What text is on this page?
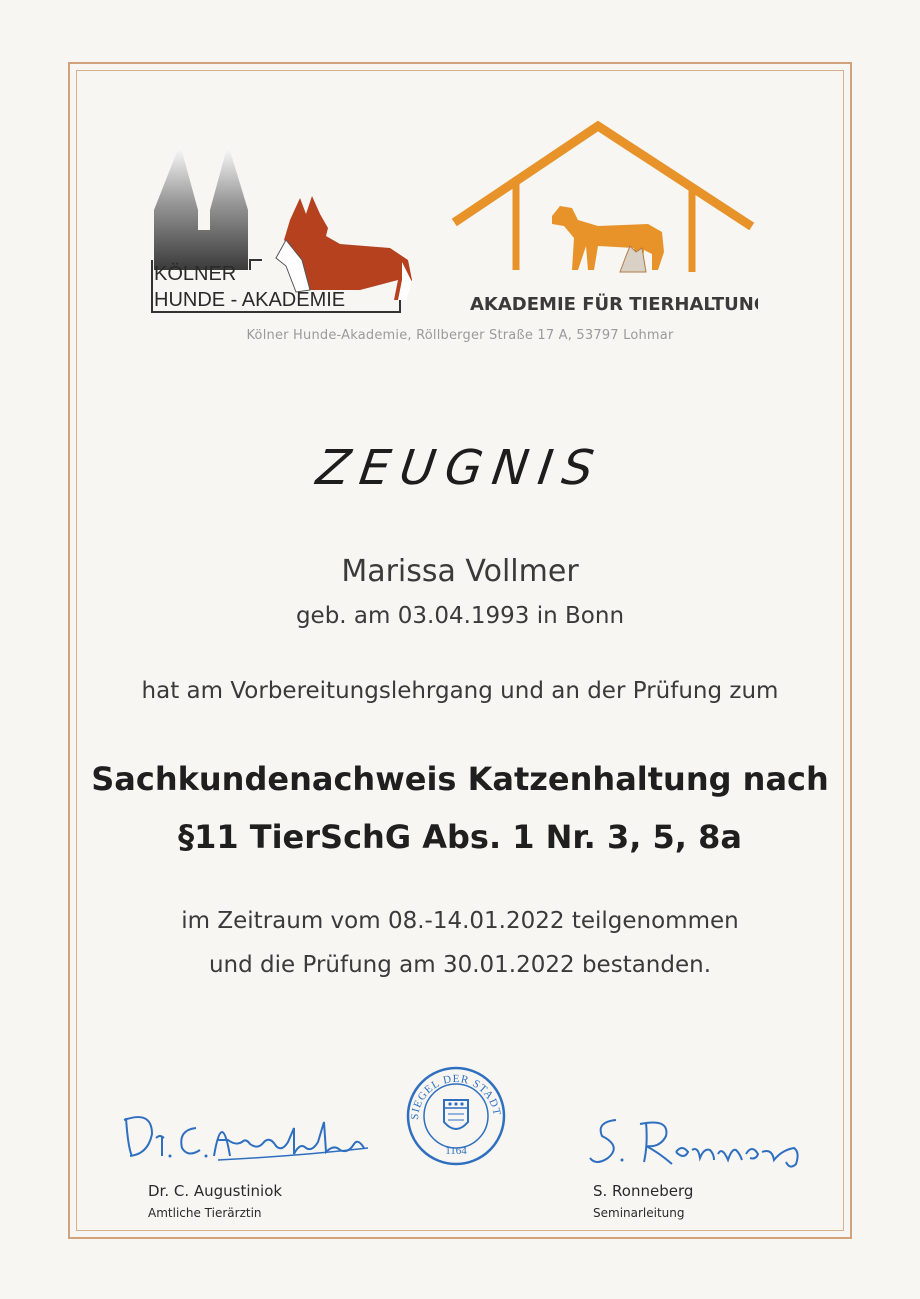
KÖLNER
HUNDE - AKADEMIE	AKADEMIE FÜR TIERHALTUNG
Kölner Hunde-Akademie, Röllberger Straße 17 A, 53797 Lohmar
ZEUGNIS
Marissa Vollmer
geb. am 03.04.1993 in Bonn
hat am Vorbereitungslehrgang und an der Prüfung zum
Sachkundenachweis Katzenhaltung nach
§11 TierSchG Abs. 1 Nr. 3, 5, 8a
im Zeitraum vom 08.-14.01.2022 teilgenommen
und die Prüfung am 30.01.2022 bestanden.
SIEGEL DER STADT
1164
Dr. C. Augustiniok
Amtliche Tierärztin
S. Ronneberg
Seminarleitung
